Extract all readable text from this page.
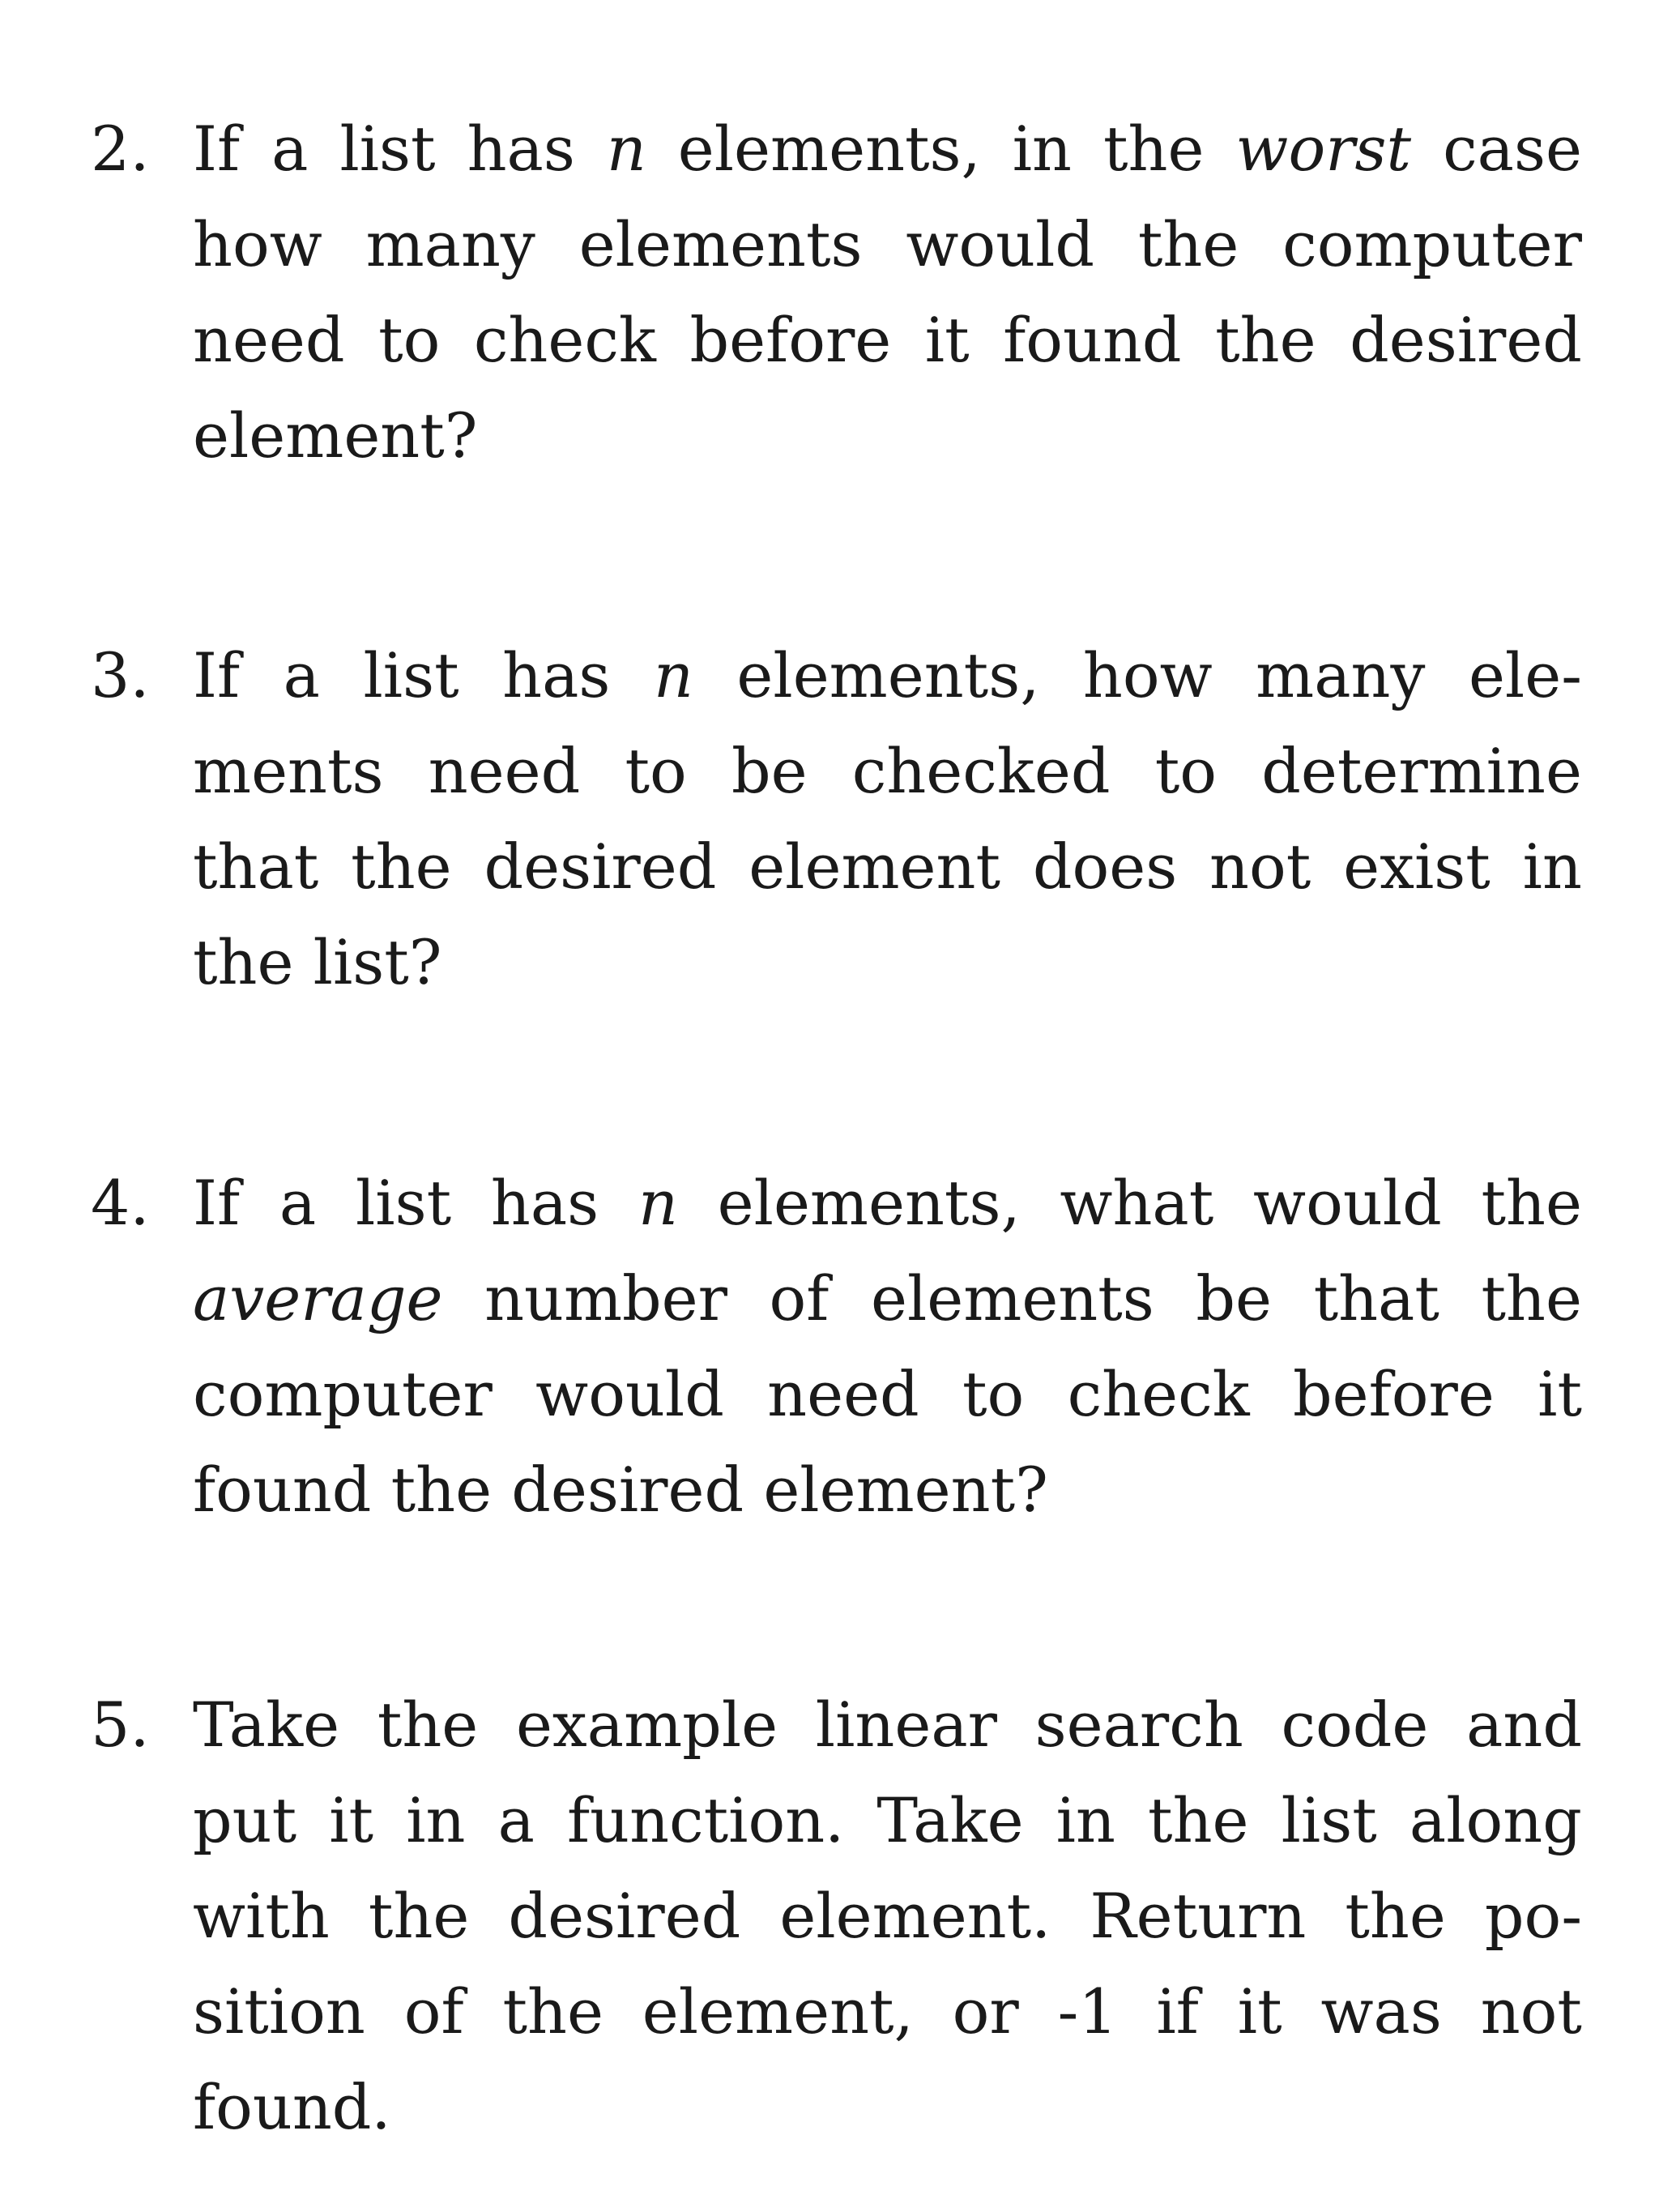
2. If a list has n elements, in the worst case
how many elements would the computer
need to check before it found the desired
element?
3. If a list has n elements, how many ele-
ments need to be checked to determine
that the desired element does not exist in
the list?
4. If a list has n elements, what would the
average number of elements be that the
computer would need to check before it
found the desired element?
5. Take the example linear search code and
put it in a function. Take in the list along
with the desired element. Return the po-
sition of the element, or -1 if it was not
found.
